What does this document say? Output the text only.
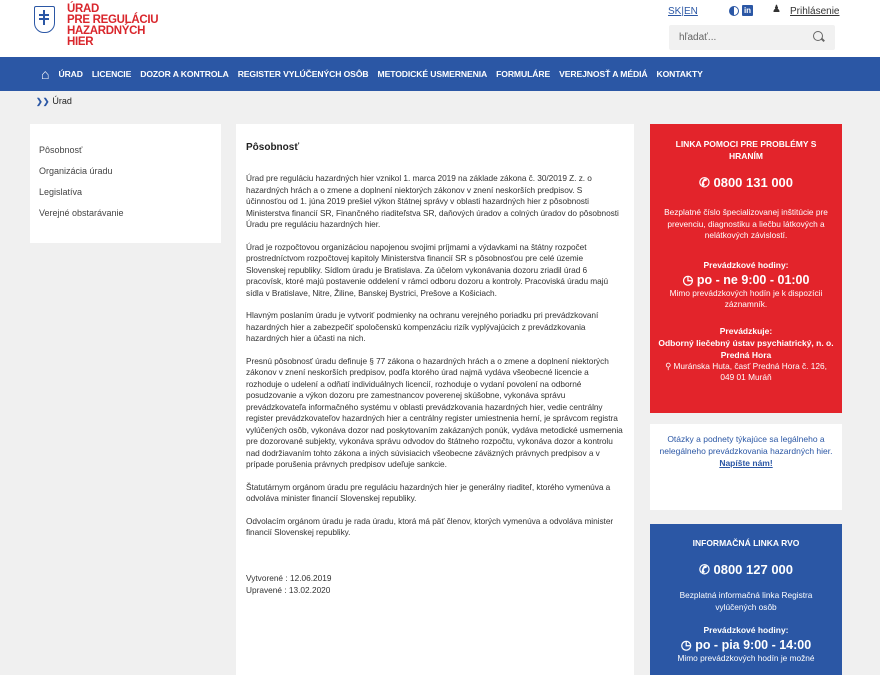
ÚRAD
PRE REGULÁCIU
HAZARDNÝCH
HIER
SK|EN	in ♟ Prihlásenie
hľadať...
⌂ ÚRAD LICENCIE DOZOR A KONTROLA REGISTER VYLÚČENÝCH OSÔB METODICKÉ USMERNENIA FORMULÁRE VEREJNOSŤ A MÉDIÁ KONTAKTY
❯❯ Úrad
Pôsobnosť
Organizácia úradu
Legislatíva
Verejné obstarávanie
Pôsobnosť

Úrad pre reguláciu hazardných hier vznikol 1. marca 2019 na základe zákona č. 30/2019 Z. z. o hazardných hrách a o zmene a doplnení niektorých zákonov v znení neskorších predpisov. S účinnosťou od 1. júna 2019 prešiel výkon štátnej správy v oblasti hazardných hier z pôsobnosti Ministerstva financií SR, Finančného riaditeľstva SR, daňových úradov a colných úradov do pôsobnosti Úradu pre reguláciu hazardných hier.

Úrad je rozpočtovou organizáciou napojenou svojimi príjmami a výdavkami na štátny rozpočet prostredníctvom rozpočtovej kapitoly Ministerstva financií SR s pôsobnosťou pre celé územie Slovenskej republiky. Sídlom úradu je Bratislava. Za účelom vykonávania dozoru zriadil úrad 6 pracovísk, ktoré majú postavenie oddelení v rámci odboru dozoru a kontroly. Pracoviská úradu majú sídla v Bratislave, Nitre, Žiline, Banskej Bystrici, Prešove a Košiciach.

Hlavným poslaním úradu je vytvoriť podmienky na ochranu verejného poriadku pri prevádzkovaní hazardných hier a zabezpečiť spoločenskú kompenzáciu rizík vyplývajúcich z prevádzkovania hazardných hier a účasti na nich.

Presnú pôsobnosť úradu definuje § 77 zákona o hazardných hrách a o zmene a doplnení niektorých zákonov v znení neskorších predpisov, podľa ktorého úrad najmä vydáva všeobecné licencie a rozhoduje o udelení a odňatí individuálnych licencií, rozhoduje o vydaní povolení na odborné posudzovanie a výkon dozoru pre zamestnancov poverenej skúšobne, vykonáva správu prevádzkovateľa informačného systému v oblasti prevádzkovania hazardných hier, vedie centrálny register prevádzkovateľov hazardných hier a centrálny register umiestnenia herní, je správcom registra vylúčených osôb, vykonáva dozor nad poskytovaním zakázaných ponúk, vydáva metodické usmernenia pre dozorované subjekty, vykonáva správu odvodov do štátneho rozpočtu, vykonáva dozor a kontrolu nad dodržiavaním tohto zákona a iných súvisiacich všeobecne záväzných právnych predpisov a v prípade porušenia právnych predpisov udeľuje sankcie.

Štatutárnym orgánom úradu pre reguláciu hazardných hier je generálny riaditeľ, ktorého vymenúva a odvoláva minister financií Slovenskej republiky.

Odvolacím orgánom úradu je rada úradu, ktorá má päť členov, ktorých vymenúva a odvoláva minister financií Slovenskej republiky.

Vytvorené : 12.06.2019
Upravené : 13.02.2020
LINKA POMOCI PRE PROBLÉMY S HRANÍM
✆ 0800 131 000
Bezplatné číslo špecializovanej inštitúcie pre prevenciu, diagnostiku a liečbu látkových a nelátkových závislostí.
Prevádzkové hodiny:
◷ po - ne 9:00 - 01:00
Mimo prevádzkových hodín je k dispozícii záznamník.
Prevádzkuje:
Odborný liečebný ústav psychiatrický, n. o. Predná Hora
⚲ Muránska Huta, časť Predná Hora č. 126, 049 01 Muráň
Otázky a podnety týkajúce sa legálneho a nelegálneho prevádzkovania hazardných hier.
Napíšte nám!
INFORMAČNÁ LINKA RVO
✆ 0800 127 000
Bezplatná informačná linka Registra vylúčených osôb
Prevádzkové hodiny:
◷ po - pia 9:00 - 14:00
Mimo prevádzkových hodín je možné
